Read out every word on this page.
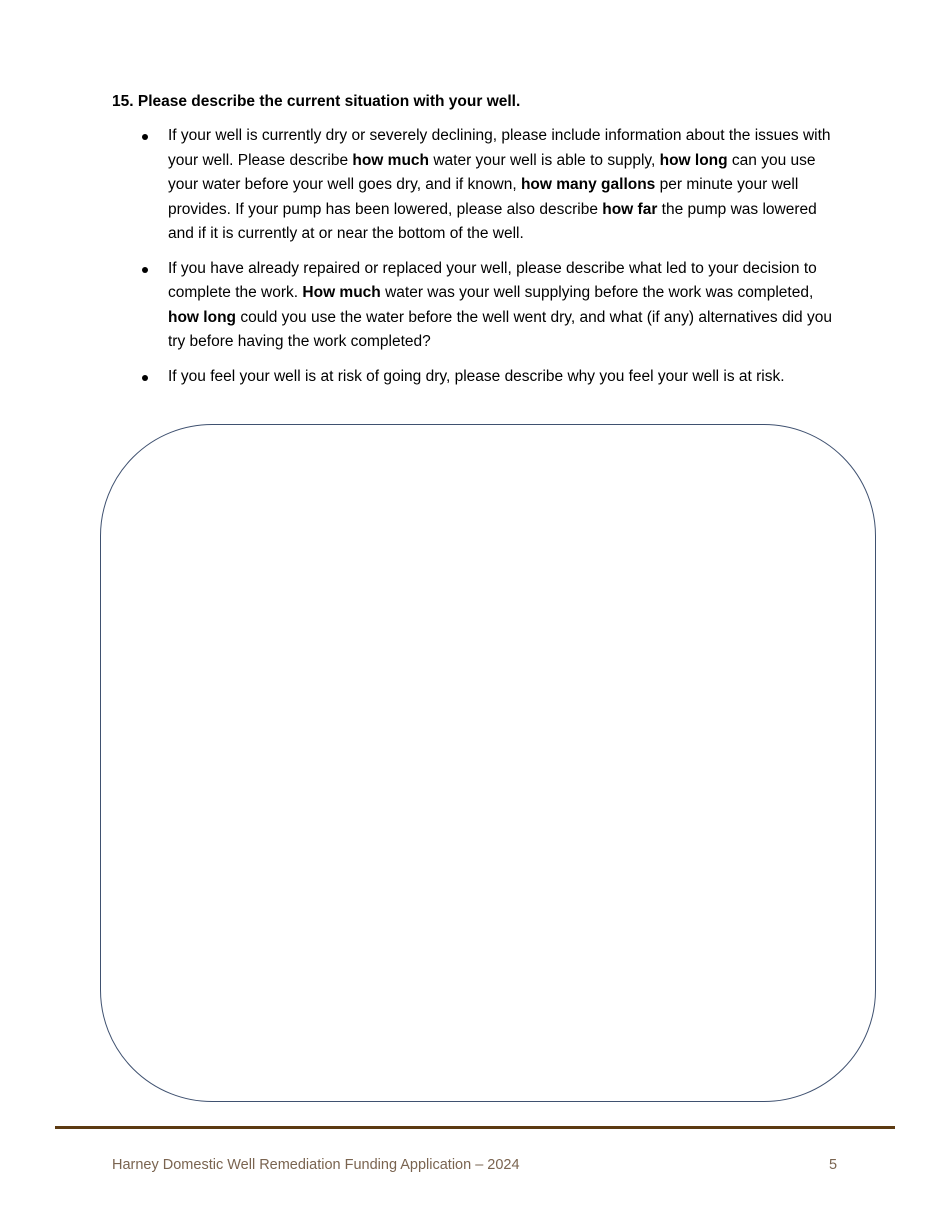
15. Please describe the current situation with your well.
If your well is currently dry or severely declining, please include information about the issues with your well. Please describe how much water your well is able to supply, how long can you use your water before your well goes dry, and if known, how many gallons per minute your well provides. If your pump has been lowered, please also describe how far the pump was lowered and if it is currently at or near the bottom of the well.
If you have already repaired or replaced your well, please describe what led to your decision to complete the work. How much water was your well supplying before the work was completed, how long could you use the water before the well went dry, and what (if any) alternatives did you try before having the work completed?
If you feel your well is at risk of going dry, please describe why you feel your well is at risk.
Harney Domestic Well Remediation Funding Application – 2024	5
